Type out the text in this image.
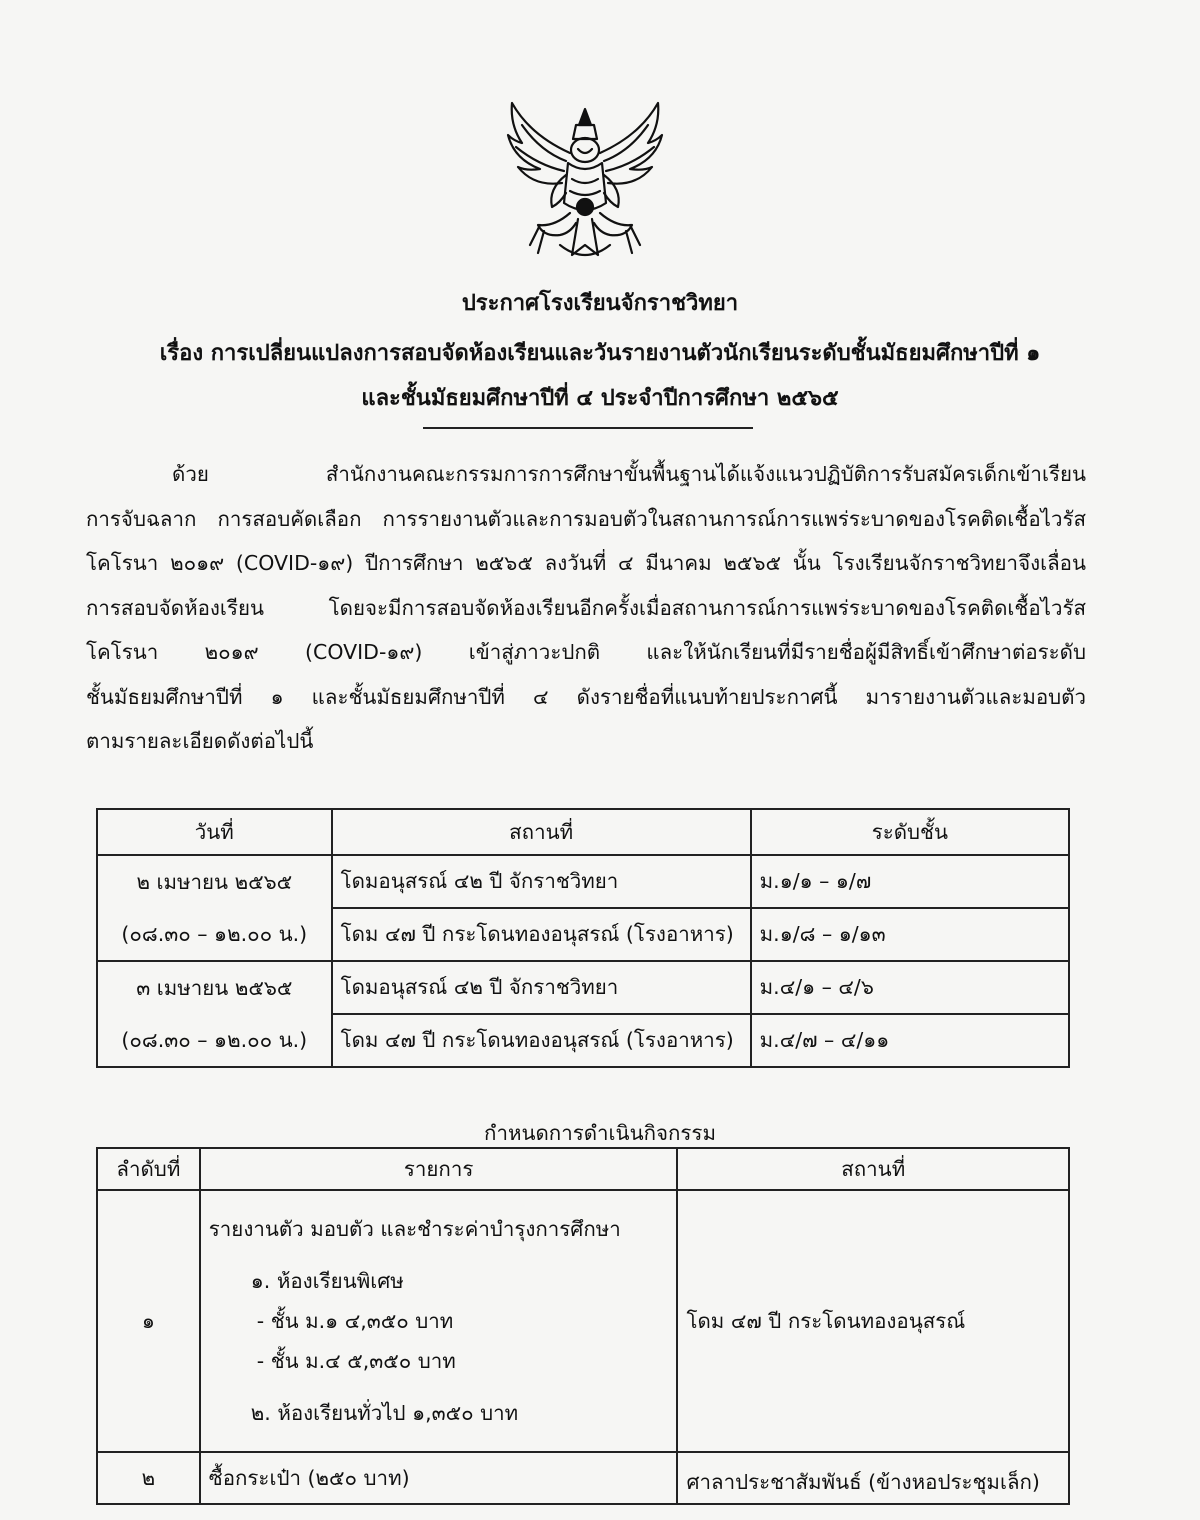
ประกาศโรงเรียนจักราชวิทยา
เรื่อง การเปลี่ยนแปลงการสอบจัดห้องเรียนและวันรายงานตัวนักเรียนระดับชั้นมัธยมศึกษาปีที่ ๑
และชั้นมัธยมศึกษาปีที่ ๔ ประจำปีการศึกษา ๒๕๖๕
ด้วย สำนักงานคณะกรรมการการศึกษาขั้นพื้นฐานได้แจ้งแนวปฏิบัติการรับสมัครเด็กเข้าเรียน
การจับฉลาก การสอบคัดเลือก การรายงานตัวและการมอบตัวในสถานการณ์การแพร่ระบาดของโรคติดเชื้อไวรัส
โคโรนา ๒๐๑๙ (COVID-๑๙) ปีการศึกษา ๒๕๖๕ ลงวันที่ ๔ มีนาคม ๒๕๖๕ นั้น โรงเรียนจักราชวิทยาจึงเลื่อน
การสอบจัดห้องเรียน โดยจะมีการสอบจัดห้องเรียนอีกครั้งเมื่อสถานการณ์การแพร่ระบาดของโรคติดเชื้อไวรัส
โคโรนา ๒๐๑๙ (COVID-๑๙) เข้าสู่ภาวะปกติ และให้นักเรียนที่มีรายชื่อผู้มีสิทธิ์เข้าศึกษาต่อระดับ
ชั้นมัธยมศึกษาปีที่ ๑ และชั้นมัธยมศึกษาปีที่ ๔ ดังรายชื่อที่แนบท้ายประกาศนี้ มารายงานตัวและมอบตัว
ตามรายละเอียดดังต่อไปนี้
วันที่	สถานที่	ระดับชั้น

๒ เมษายน ๒๕๖๕
(๐๘.๓๐ – ๑๒.๐๐ น.)	โดมอนุสรณ์ ๔๒ ปี จักราชวิทยา	ม.๑/๑ – ๑/๗
	โดม ๔๗ ปี กระโดนทองอนุสรณ์ (โรงอาหาร)	ม.๑/๘ – ๑/๑๓

๓ เมษายน ๒๕๖๕
(๐๘.๓๐ – ๑๒.๐๐ น.)	โดมอนุสรณ์ ๔๒ ปี จักราชวิทยา	ม.๔/๑ – ๔/๖
	โดม ๔๗ ปี กระโดนทองอนุสรณ์ (โรงอาหาร)	ม.๔/๗ – ๔/๑๑
กำหนดการดำเนินกิจกรรม
ลำดับที่	รายการ	สถานที่
๑	รายงานตัว มอบตัว และชำระค่าบำรุงการศึกษา
๑. ห้องเรียนพิเศษ
- ชั้น ม.๑ ๔,๓๕๐ บาท
- ชั้น ม.๔ ๕,๓๕๐ บาท
๒. ห้องเรียนทั่วไป ๑,๓๕๐ บาท	โดม ๔๗ ปี กระโดนทองอนุสรณ์
๒	ซื้อกระเป๋า (๒๕๐ บาท)	ศาลาประชาสัมพันธ์ (ข้างหอประชุมเล็ก)
